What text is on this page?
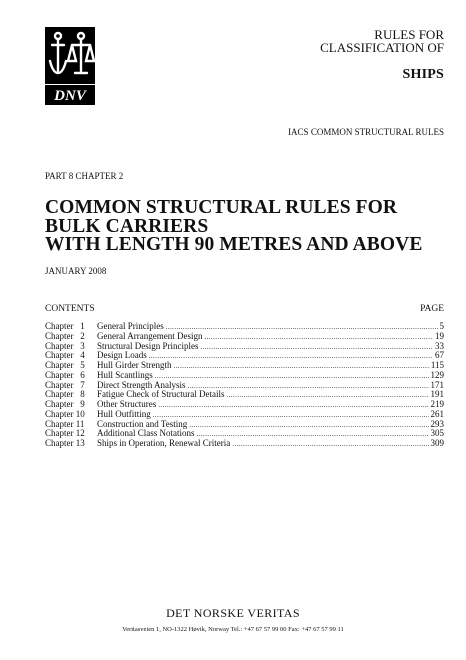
DNV
RULES FOR
CLASSIFICATION OF
SHIPS
IACS COMMON STRUCTURAL RULES
PART 8 CHAPTER 2
COMMON STRUCTURAL RULES FOR
BULK CARRIERS
WITH LENGTH 90 METRES AND ABOVE
JANUARY 2008
CONTENTS	PAGE
Chapter   1	General Principles .....	5
Chapter   2	General Arrangement Design .....	19
Chapter   3	Structural Design Principles .....	33
Chapter   4	Design Loads .....	67
Chapter   5	Hull Girder Strength .....	115
Chapter   6	Hull Scantlings .....	129
Chapter   7	Direct Strength Analysis .....	171
Chapter   8	Fatigue Check of Structural Details .....	191
Chapter   9	Other Structures .....	219
Chapter 10	Hull Outfitting .....	261
Chapter 11	Construction and Testing .....	293
Chapter 12	Additional Class Notations .....	305
Chapter 13	Ships in Operation, Renewal Criteria .....	309
DET NORSKE VERITAS
Veritasveien 1, NO-1322 Høvik, Norway Tel.: +47 67 57 99 00 Fax: +47 67 57 99 11
